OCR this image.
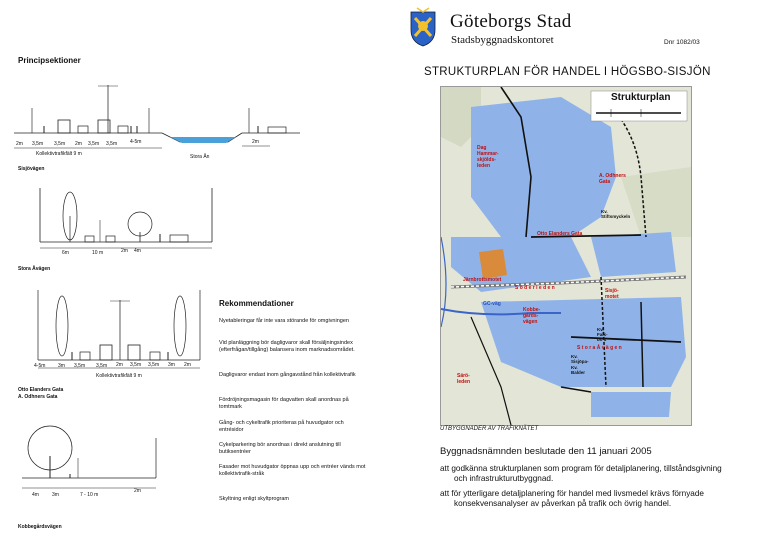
Principsektioner
2m 3,5m 3,5m 2m 3,5m 3,5m	4-5m	2m
Kollektivtrafikfält 9 m	Stora Ån
Sisjövägen
6m	10 m	2m 4m
Stora Åvägen
4-5m	3m 3,5m 3,5m 2m 3,5m 3,5m 3m 2m
Kollektivtrafikfält 9 m
Otto Elanders Gata
A. Odhners Gata
4m	3m	7 - 10 m
2m
Kobbegårdsvägen
Rekommendationer
Nyetableringar får inte vara störande för omgivningen
Vid planläggning bör dagligvaror skall försäljningsindex (efterfrågan/tillgång) balansera inom marknadsområdet.
Dagligvaror endast inom gångavstånd från kollektivtrafik
Fördröjningsmagasin för dagvatten skall anordnas på tomtmark
Gång- och cykeltrafik prioriteras på huvudgator och entrésidor
Cykelparkering bör anordnas i direkt anslutning till butiksentréer
Fasader mot huvudgator öppnas upp och entréer vänds mot kollektivtrafik-stråk
Skyltning enligt skyltprogram
Göteborgs Stad
Stadsbyggnadskontoret	Dnr 1082/03
STRUKTURPLAN FÖR HANDEL I HÖGSBO-SISJÖN
Strukturplan
Dag
Hammar-
skjölds-
leden
A. Odhners
Gata
Kv.
Stiftsmyckeln
Otto Elanders Gata
Järnbrottsmotet
S ö d e r l e d e n	Sisjö-
motet
GC-väg
Kobbe-
gårds-
vägen
Kv.
Falk-
bo 1
S t o r a Å v ä g e n
Kv.
Sisjöpa-
Kv.
Balder
Särö-
leden
UTBYGGNADER AV TRAFIKNÄTET
Byggnadsnämnden beslutade den 11 januari 2005
att godkänna strukturplanen som program för detaljplanering, tillståndsgivning och infrastrukturutbyggnad.
att för ytterligare detaljplanering för handel med livsmedel krävs förnyade konsekvensanalyser av påverkan på trafik och övrig handel.
